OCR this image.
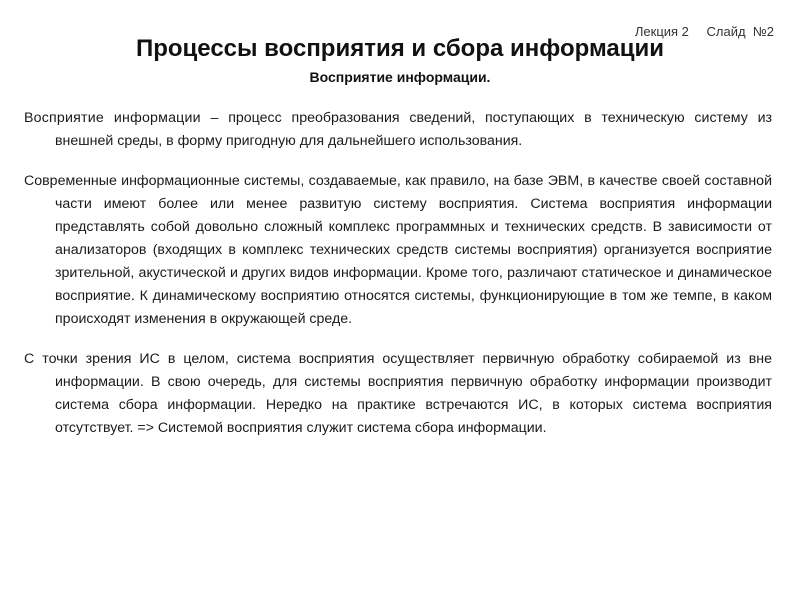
Лекция 2 Слайд  №2
Процессы восприятия и сбора информации
Восприятие информации.

Восприятие информации – процесс преобразования сведений, поступающих в техническую систему из внешней среды, в форму пригодную для дальнейшего использования.

Современные информационные системы, создаваемые, как правило, на базе ЭВМ, в качестве своей составной части имеют более или менее развитую систему восприятия. Система восприятия информации представлять собой довольно сложный комплекс программных и технических средств. В зависимости от анализаторов (входящих в комплекс технических средств системы восприятия) организуется восприятие зрительной, акустической и других видов информации. Кроме того, различают статическое и динамическое восприятие. К динамическому восприятию относятся системы, функционирующие в том же темпе, в каком происходят изменения в окружающей среде.

С точки зрения ИС в целом, система восприятия осуществляет первичную обработку собираемой из вне информации. В свою очередь, для системы восприятия первичную обработку информации производит система сбора информации. Нередко на практике встречаются ИС, в которых система восприятия отсутствует. => Системой восприятия служит система сбора информации.
